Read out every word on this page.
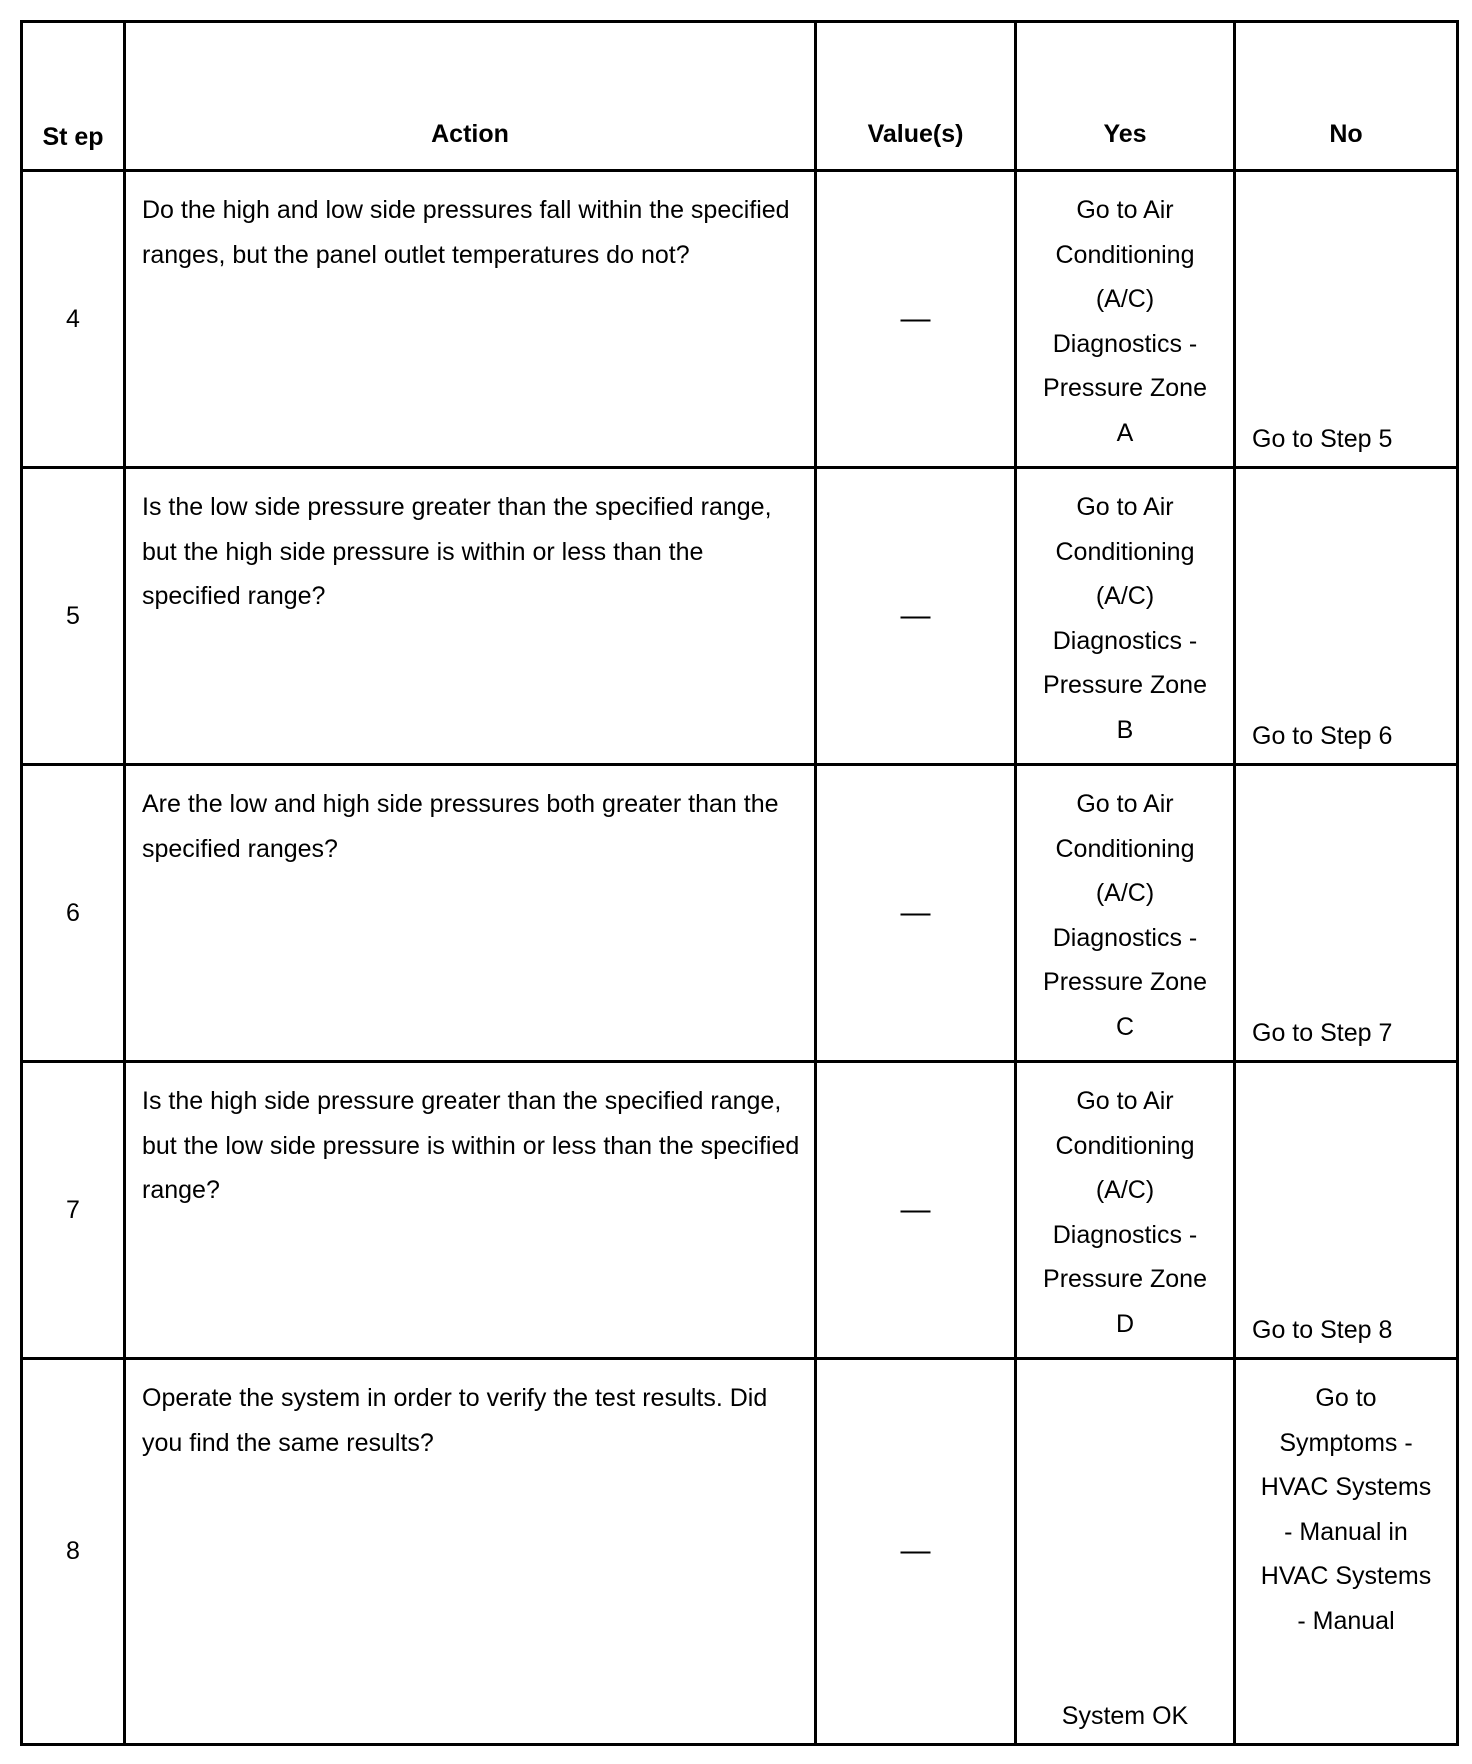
St ep	Action	Value(s)	Yes	No
4	Do the high and low side pressures fall within the specified ranges, but the panel outlet temperatures do not?	—	Go to Air Conditioning (A/C) Diagnostics - Pressure Zone A	Go to Step 5
5	Is the low side pressure greater than the specified range, but the high side pressure is within or less than the specified range?	—	Go to Air Conditioning (A/C) Diagnostics - Pressure Zone B	Go to Step 6
6	Are the low and high side pressures both greater than the specified ranges?	—	Go to Air Conditioning (A/C) Diagnostics - Pressure Zone C	Go to Step 7
7	Is the high side pressure greater than the specified range, but the low side pressure is within or less than the specified range?	—	Go to Air Conditioning (A/C) Diagnostics - Pressure Zone D	Go to Step 8
8	Operate the system in order to verify the test results. Did you find the same results?	—	System OK	Go to Symptoms - HVAC Systems - Manual in HVAC Systems - Manual
